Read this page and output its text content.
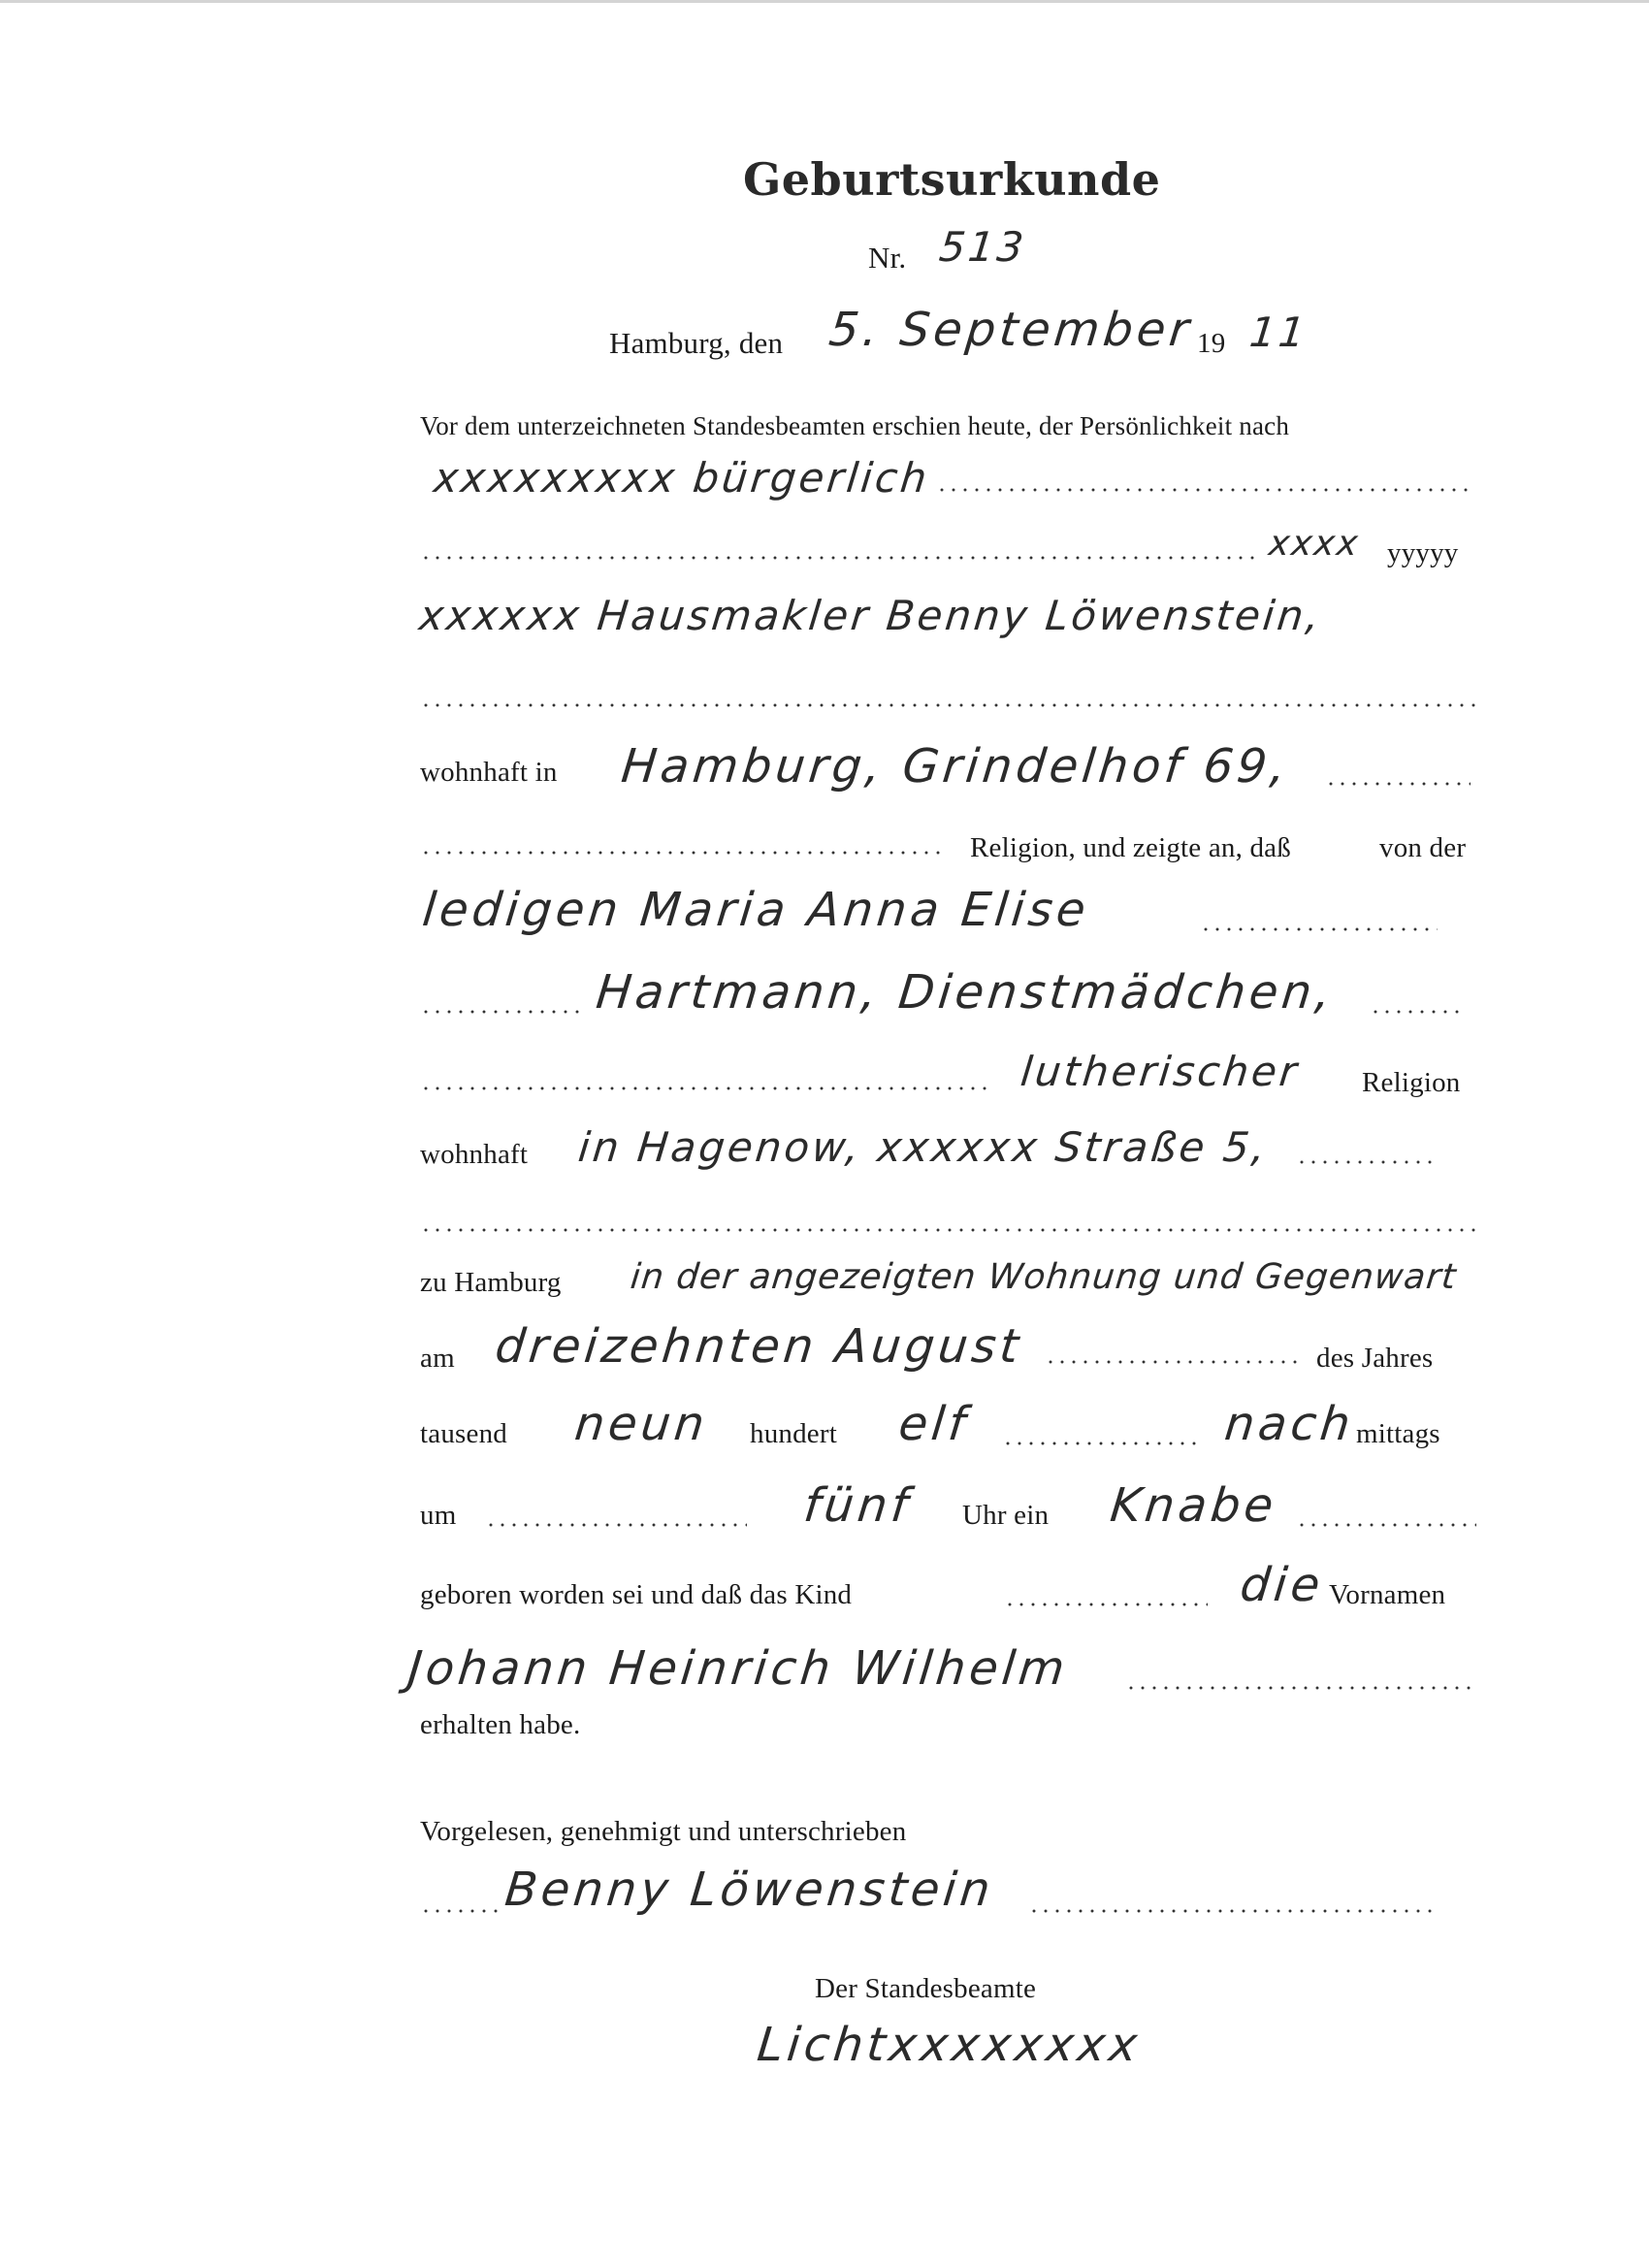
Geburtsurkunde
Nr. 513
Hamburg, den 5. September 19 11
Vor dem unterzeichneten Standesbeamten erschien heute, der Persönlichkeit nach
xxxxxxxxx bürgerlich
xxxx yyyyy
xxxxxx Hausmakler Benny Löwenstein,
wohnhaft in Hamburg, Grindelhof 69,
Religion, und zeigte an, daß	von der
ledigen Maria Anna Elise
Hartmann, Dienstmädchen,
lutherischer Religion
wohnhaft in Hagenow, xxxxxx Straße 5,
zu Hamburg in der angezeigten Wohnung und Gegenwart
am dreizehnten August	des Jahres
tausend neun hundert elf	nach mittags
um	fünf Uhr ein Knabe
geboren worden sei und daß das Kind	die Vornamen
Johann Heinrich Wilhelm
erhalten habe.
Vorgelesen, genehmigt und unterschrieben
Benny Löwenstein
Der Standesbeamte
Lichtxxxxxxxx
